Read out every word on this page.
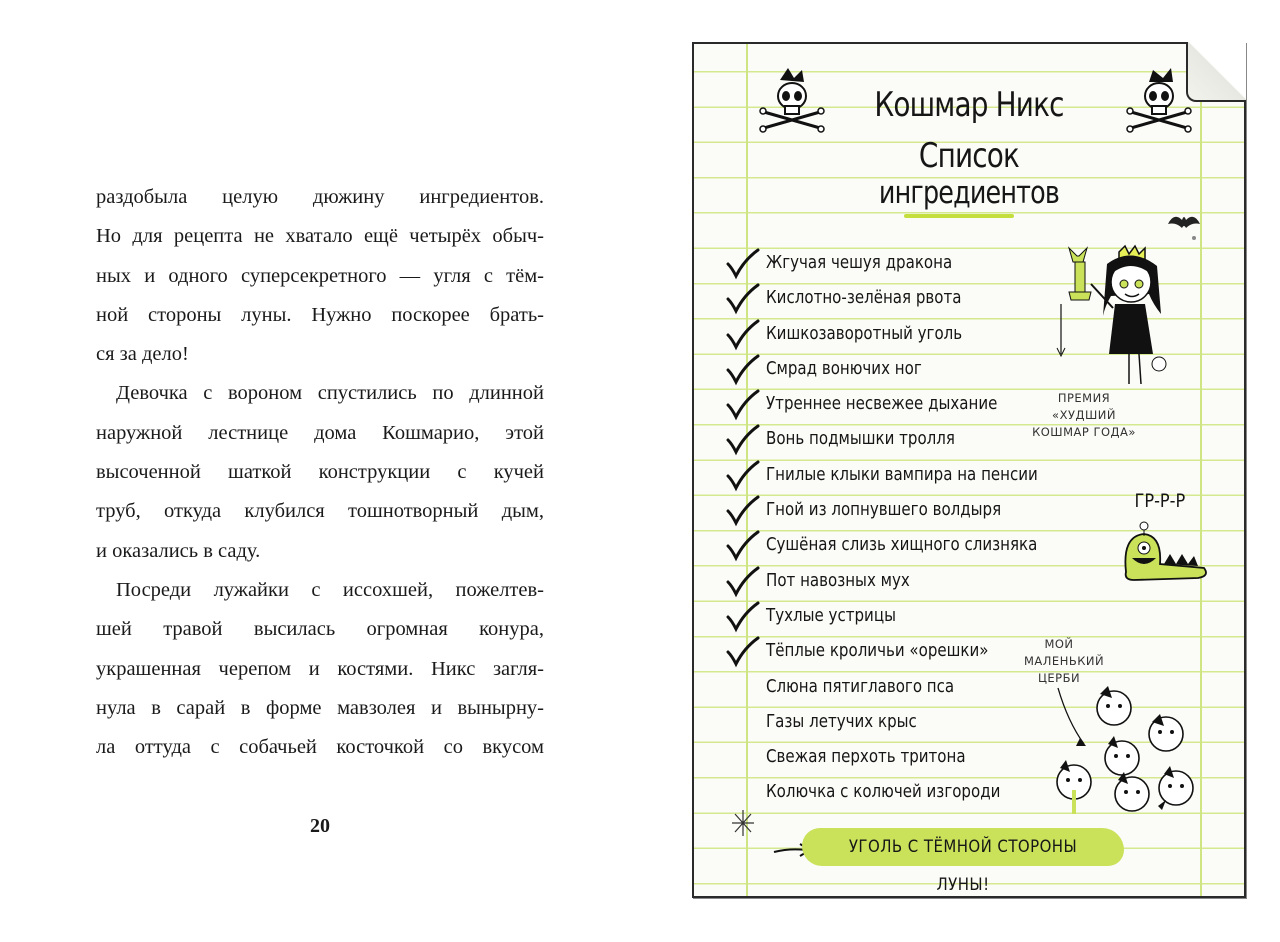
раздобыла целую дюжину ингредиентов.
Но для рецепта не хватало ещё четырёх обыч-
ных и одного суперсекретного — угля с тём-
ной стороны луны. Нужно поскорее брать-
ся за дело!
Девочка с вороном спустились по длинной
наружной лестнице дома Кошмарио, этой
высоченной шаткой конструкции с кучей
труб, откуда клубился тошнотворный дым,
и оказались в саду.
Посреди лужайки с иссохшей, пожелтев-
шей травой высилась огромная конура,
украшенная черепом и костями. Никс загля-
нула в сарай в форме мавзолея и вынырну-
ла оттуда с собачьей косточкой со вкусом
20
Кошмар Никс
Список
ингредиентов
Жгучая чешуя дракона
Кислотно-зелёная рвота
Кишкозаворотный уголь
Смрад вонючих ног
Утреннее несвежее дыхание
Вонь подмышки тролля
Гнилые клыки вампира на пенсии
Гной из лопнувшего волдыря
Сушёная слизь хищного слизняка
Пот навозных мух
Тухлые устрицы
Тёплые кроличьи «орешки»
Слюна пятиглавого пса
Газы летучих крыс
Свежая перхоть тритона
Колючка с колючей изгороди
ПРЕМИЯ
«ХУДШИЙ
КОШМАР ГОДА»
ГР-Р-Р
МОЙ
МАЛЕНЬКИЙ
ЦЕРБИ
УГОЛЬ С ТЁМНОЙ СТОРОНЫ ЛУНЫ!
